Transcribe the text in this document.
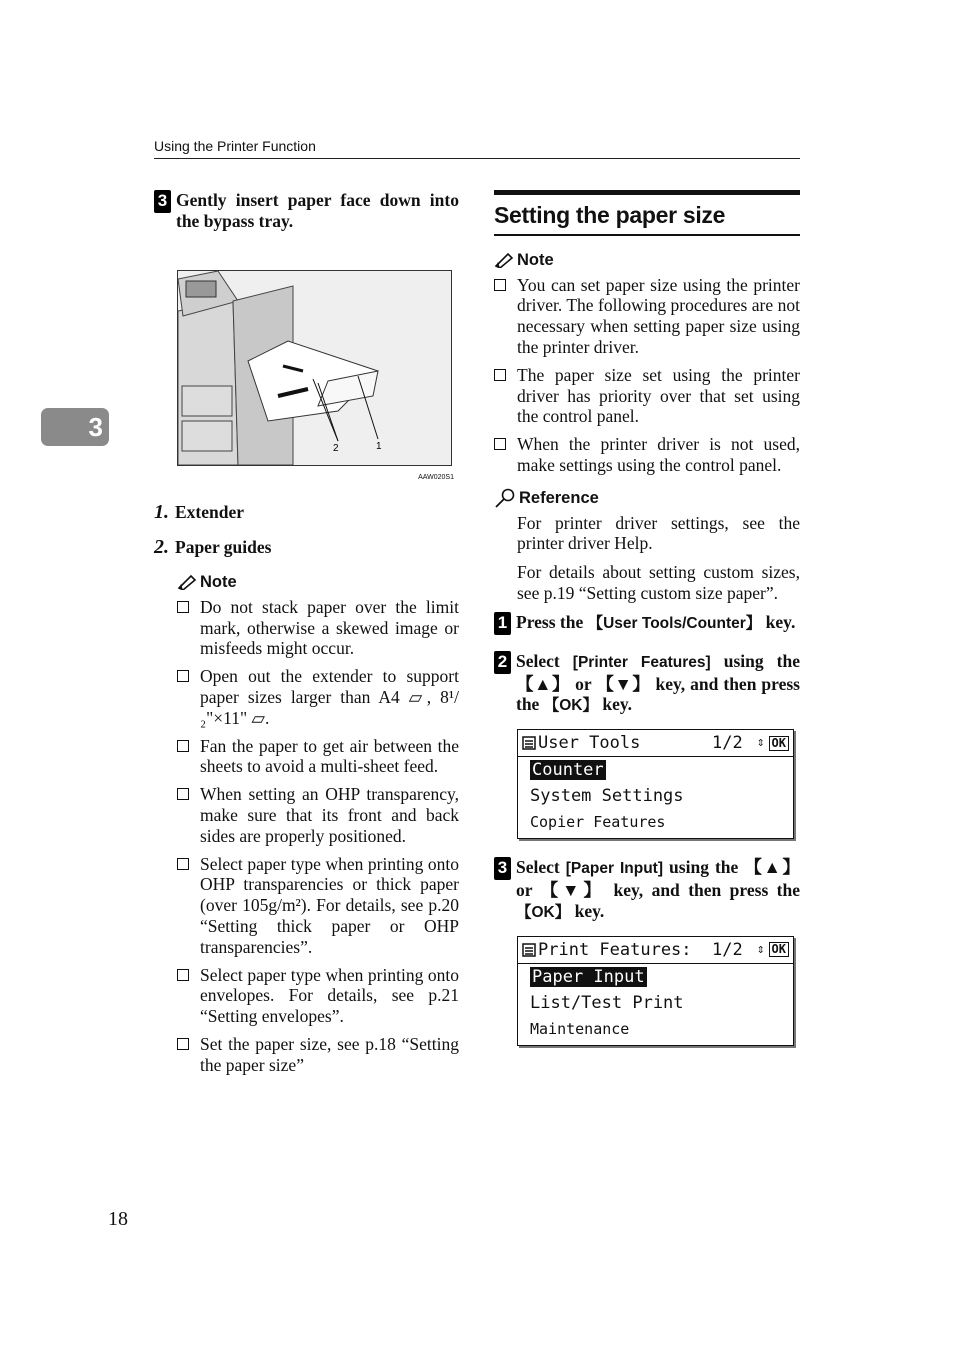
Using the Printer Function
3
18
3 Gently insert paper face down into the bypass tray.
2	1
AAW020S1
1. Extender
2. Paper guides
Note
Do not stack paper over the limit mark, otherwise a skewed image or misfeeds might occur.
Open out the extender to support paper sizes larger than A4 ▱, 8¹/₂"×11" ▱.
Fan the paper to get air between the sheets to avoid a multi-sheet feed.
When setting an OHP transparency, make sure that its front and back sides are properly positioned.
Select paper type when printing onto OHP transparencies or thick paper (over 105g/m²). For details, see p.20 “Setting thick paper or OHP transparencies”.
Select paper type when printing onto envelopes. For details, see p.21 “Setting envelopes”.
Set the paper size, see p.18 “Setting the paper size”
Setting the paper size
Note
You can set paper size using the printer driver. The following procedures are not necessary when setting paper size using the printer driver.
The paper size set using the printer driver has priority over that set using the control panel.
When the printer driver is not used, make settings using the control panel.
Reference

For printer driver settings, see the printer driver Help.

For details about setting custom sizes, see p.19 “Setting custom size paper”.

1 Press the 【User Tools/Counter】 key.
2 Select [Printer Features] using the 【▲】 or 【▼】 key, and then press the 【OK】 key.
User Tools	1/2 ⇕ OK
Counter
System Settings
Copier Features
3 Select [Paper Input] using the 【▲】 or 【▼】 key, and then press the 【OK】 key.
Print Features:	1/2 ⇕ OK
Paper Input
List/Test Print
Maintenance
